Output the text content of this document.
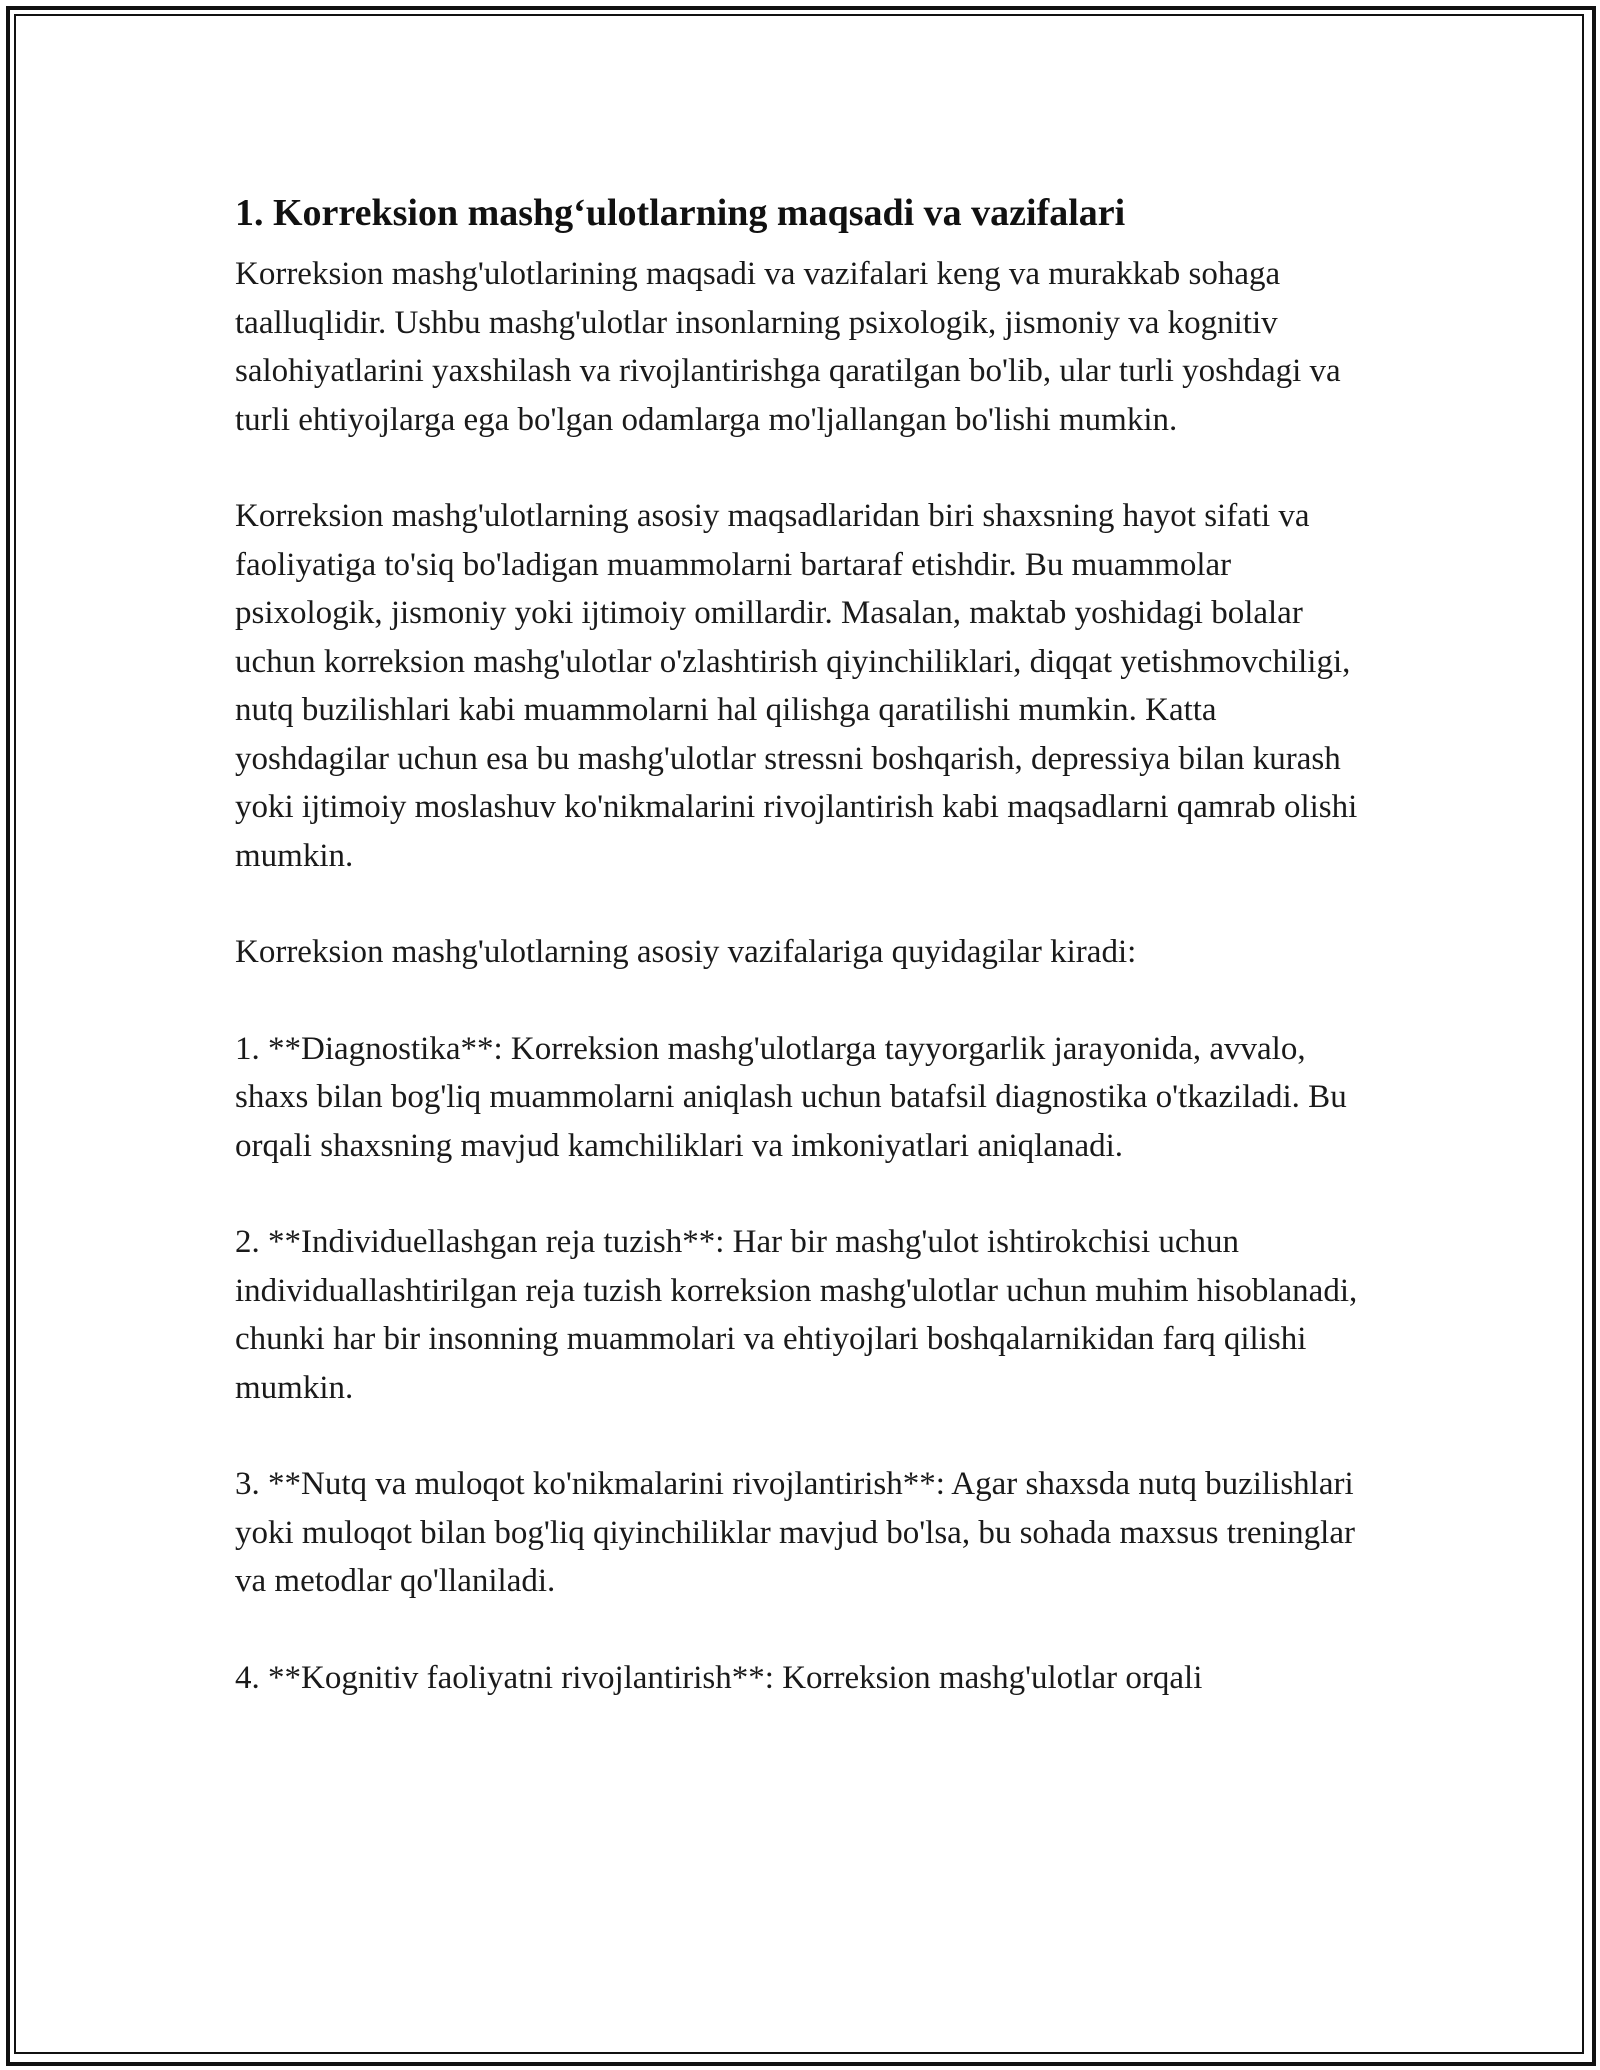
1. Korreksion mashg‘ulotlarning maqsadi va vazifalari

Korreksion mashg'ulotlarining maqsadi va vazifalari keng va murakkab sohaga taalluqlidir. Ushbu mashg'ulotlar insonlarning psixologik, jismoniy va kognitiv salohiyatlarini yaxshilash va rivojlantirishga qaratilgan bo'lib, ular turli yoshdagi va turli ehtiyojlarga ega bo'lgan odamlarga mo'ljallangan bo'lishi mumkin.

Korreksion mashg'ulotlarning asosiy maqsadlaridan biri shaxsning hayot sifati va faoliyatiga to'siq bo'ladigan muammolarni bartaraf etishdir. Bu muammolar psixologik, jismoniy yoki ijtimoiy omillardir. Masalan, maktab yoshidagi bolalar uchun korreksion mashg'ulotlar o'zlashtirish qiyinchiliklari, diqqat yetishmovchiligi, nutq buzilishlari kabi muammolarni hal qilishga qaratilishi mumkin. Katta yoshdagilar uchun esa bu mashg'ulotlar stressni boshqarish, depressiya bilan kurash yoki ijtimoiy moslashuv ko'nikmalarini rivojlantirish kabi maqsadlarni qamrab olishi mumkin.

Korreksion mashg'ulotlarning asosiy vazifalariga quyidagilar kiradi:

1. **Diagnostika**: Korreksion mashg'ulotlarga tayyorgarlik jarayonida, avvalo, shaxs bilan bog'liq muammolarni aniqlash uchun batafsil diagnostika o'tkaziladi. Bu orqali shaxsning mavjud kamchiliklari va imkoniyatlari aniqlanadi.

2. **Individuellashgan reja tuzish**: Har bir mashg'ulot ishtirokchisi uchun individuallashtirilgan reja tuzish korreksion mashg'ulotlar uchun muhim hisoblanadi, chunki har bir insonning muammolari va ehtiyojlari boshqalarnikidan farq qilishi mumkin.

3. **Nutq va muloqot ko'nikmalarini rivojlantirish**: Agar shaxsda nutq buzilishlari yoki muloqot bilan bog'liq qiyinchiliklar mavjud bo'lsa, bu sohada maxsus treninglar va metodlar qo'llaniladi.

4. **Kognitiv faoliyatni rivojlantirish**: Korreksion mashg'ulotlar orqali
